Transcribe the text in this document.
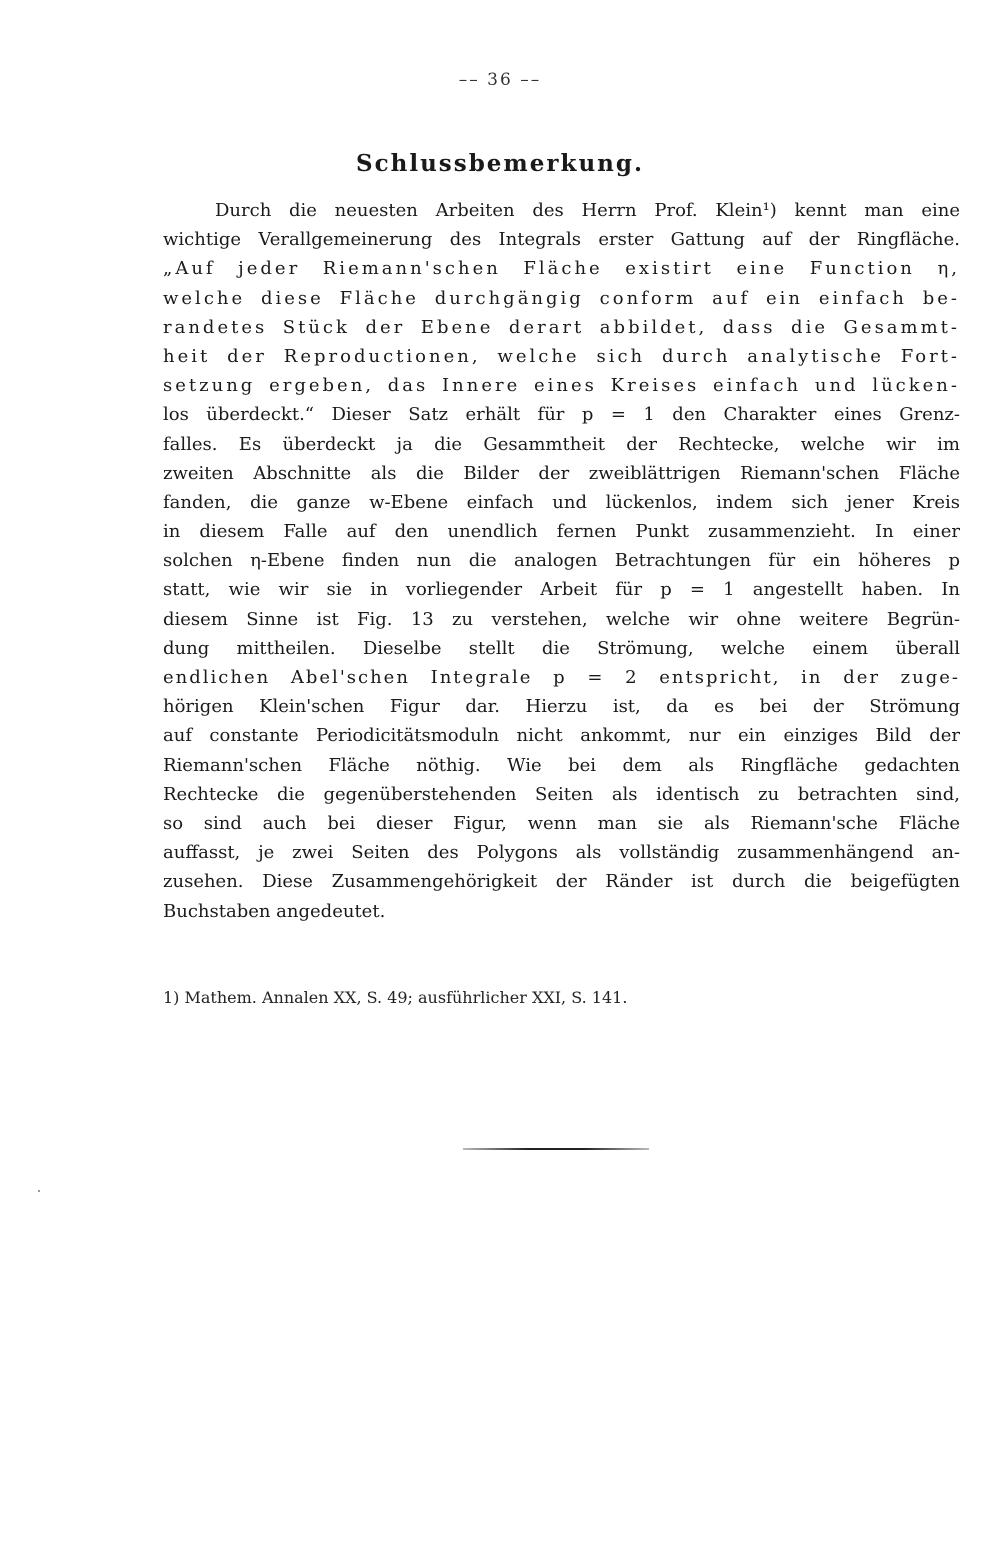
–– 36 ––
Schlussbemerkung.
Durch die neuesten Arbeiten des Herrn Prof. Klein¹) kennt man eine
wichtige Verallgemeinerung des Integrals erster Gattung auf der Ringfläche.
„Auf jeder Riemann'schen Fläche existirt eine Function η,
welche diese Fläche durchgängig conform auf ein einfach be-
randetes Stück der Ebene derart abbildet, dass die Gesammt-
heit der Reproductionen, welche sich durch analytische Fort-
setzung ergeben, das Innere eines Kreises einfach und lücken-
los überdeckt.“ Dieser Satz erhält für p = 1 den Charakter eines Grenz-
falles. Es überdeckt ja die Gesammtheit der Rechtecke, welche wir im
zweiten Abschnitte als die Bilder der zweiblättrigen Riemann'schen Fläche
fanden, die ganze w-Ebene einfach und lückenlos, indem sich jener Kreis
in diesem Falle auf den unendlich fernen Punkt zusammenzieht. In einer
solchen η-Ebene finden nun die analogen Betrachtungen für ein höheres p
statt, wie wir sie in vorliegender Arbeit für p = 1 angestellt haben. In
diesem Sinne ist Fig. 13 zu verstehen, welche wir ohne weitere Begrün-
dung mittheilen. Dieselbe stellt die Strömung, welche einem überall
endlichen Abel'schen Integrale p = 2 entspricht, in der zuge-
hörigen Klein'schen Figur dar. Hierzu ist, da es bei der Strömung
auf constante Periodicitätsmoduln nicht ankommt, nur ein einziges Bild der
Riemann'schen Fläche nöthig. Wie bei dem als Ringfläche gedachten
Rechtecke die gegenüberstehenden Seiten als identisch zu betrachten sind,
so sind auch bei dieser Figur, wenn man sie als Riemann'sche Fläche
auffasst, je zwei Seiten des Polygons als vollständig zusammenhängend an-
zusehen. Diese Zusammengehörigkeit der Ränder ist durch die beigefügten
Buchstaben angedeutet.
1) Mathem. Annalen XX, S. 49; ausführlicher XXI, S. 141.
